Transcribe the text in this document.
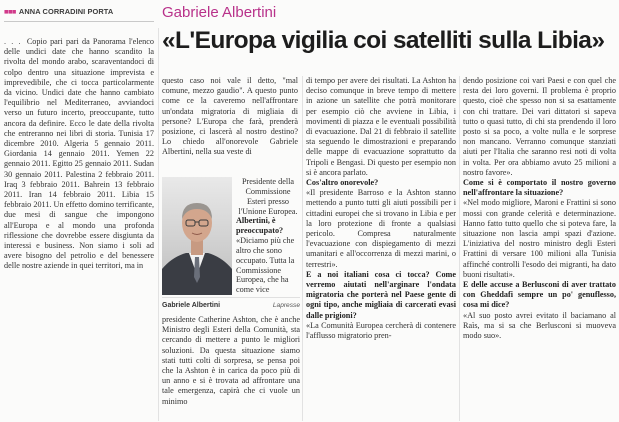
■■■ ANNA CORRADINI PORTA	Gabriele Albertini
«L'Europa vigilia coi satelliti sulla Libia»

. . . Copio pari pari da Panorama l'elenco delle undici date che hanno scandito la rivolta del mondo arabo, scaraventandoci di colpo dentro una situazione imprevista e imprevedibile, che ci tocca particolarmente da vicino. Undici date che hanno cambiato l'equilibrio nel Mediterraneo, avviandoci verso un futuro incerto, preoccupante, tutto ancora da definire. Ecco le date della rivolta che entreranno nei libri di storia. Tunisia 17 dicembre 2010. Algeria 5 gennaio 2011. Giordania 14 gennaio 2011. Yemen 22 gennaio 2011. Egitto 25 gennaio 2011. Sudan 30 gennaio 2011. Palestina 2 febbraio 2011. Iraq 3 febbraio 2011. Bahrein 13 febbraio 2011. Iran 14 febbraio 2011. Libia 15 febbraio 2011. Un effetto domino terrificante, due mesi di sangue che impongono all'Europa e al mondo una profonda riflessione che dovrebbe essere disgiunta da interessi e business. Non siamo i soli ad avere bisogno del petrolio e del benessere delle nostre aziende in quei territori, ma in

questo caso noi vale il detto, "mal comune, mezzo gaudio". A questo punto come ce la caveremo nell'affrontare un'ondata migratoria di migliaia di persone? L'Europa che farà, prenderà posizione, ci lascerà al nostro destino? Lo chiedo all'onorevole Gabriele Albertini, nella sua veste di

Presidente della Commissione Esteri presso l'Unione Europea.

Albertini, è preoccupato?

«Diciamo più che altro che sono occupato. Tutta la Commissione Europea, che ha come vice

Gabriele Albertini	Lapresse

presidente Catherine Ashton, che è anche Ministro degli Esteri della Comunità, sta cercando di mettere a punto le migliori soluzioni. Da questa situazione siamo stati tutti colti di sorpresa, se pensa poi che la Ashton è in carica da poco più di un anno e si è trovata ad affrontare una tale emergenza, capirà che ci vuole un minimo

di tempo per avere dei risultati. La Ashton ha deciso comunque in breve tempo di mettere in azione un satellite che potrà monitorare per esempio ciò che avviene in Libia, i movimenti di piazza e le eventuali possibilità di evacuazione. Dal 21 di febbraio il satellite sta seguendo le dimostrazioni e preparando delle mappe di evacuazione soprattutto da Tripoli e Bengasi. Di questo per esempio non si è ancora parlato.

Cos'altro onorevole?

«Il presidente Barroso e la Ashton stanno mettendo a punto tutti gli aiuti possibili per i cittadini europei che si trovano in Libia e per la loro protezione di fronte a qualsiasi pericolo. Compresa naturalmente l'evacuazione con dispiegamento di mezzi umanitari e all'occorrenza di mezzi marini, o terrestri».

E a noi italiani cosa ci tocca? Come verremo aiutati nell'arginare l'ondata migratoria che porterà nel Paese gente di ogni tipo, anche migliaia di carcerati evasi dalle prigioni?

«La Comunità Europea cercherà di contenere l'afflusso migratorio pren-

dendo posizione coi vari Paesi e con quel che resta dei loro governi. Il problema è proprio questo, cioè che spesso non si sa esattamente con chi trattare. Dei vari dittatori si sapeva tutto o quasi tutto, di chi sta prendendo il loro posto si sa poco, a volte nulla e le sorprese non mancano. Verranno comunque stanziati aiuti per l'Italia che saranno resi noti di volta in volta. Per ora abbiamo avuto 25 milioni a nostro favore».

Come si è comportato il nostro governo nell'affrontare la situazione?

«Nel modo migliore, Maroni e Frattini si sono mossi con grande celerità e determinazione. Hanno fatto tutto quello che si poteva fare, la situazione non lascia ampi spazi d'azione. L'iniziativa del nostro ministro degli Esteri Frattini di versare 100 milioni alla Tunisia affinché controlli l'esodo dei migranti, ha dato buoni risultati».

E delle accuse a Berlusconi di aver trattato con Gheddafi sempre un po' genuflesso, cosa mi dice?

«Al suo posto avrei evitato il baciamano al Raìs, ma si sa che Berlusconi si muoveva modo suo».
